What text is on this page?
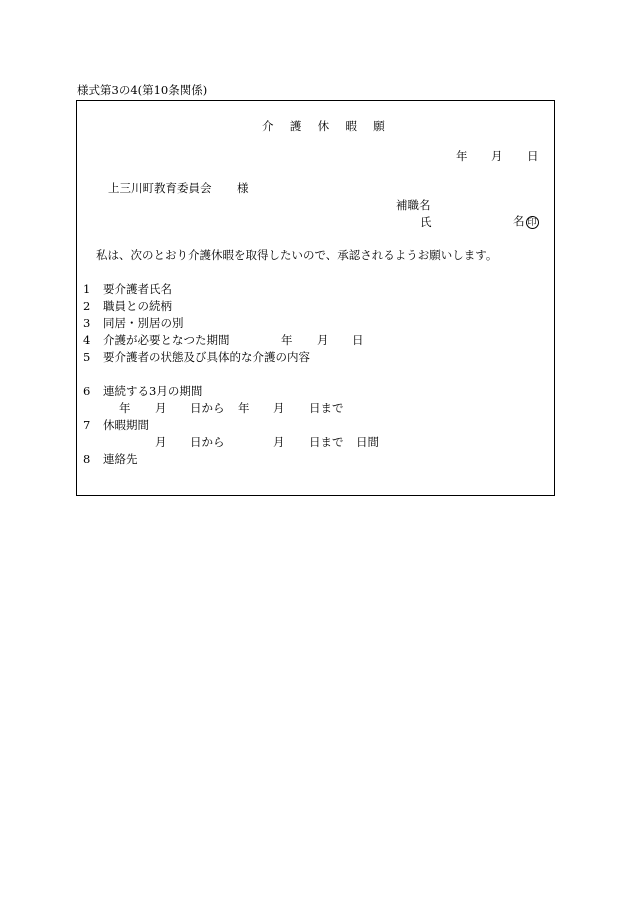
様式第3の4(第10条関係)
介 護 休 暇 願
年 月 日
上三川町教育委員会 様
補職名
氏	名 印
私は、次のとおり介護休暇を取得したいので、承認されるようお願いします。
1 要介護者氏名
2 職員との続柄
3 同居・別居の別
4 介護が必要となつた期間	年 月 日
5 要介護者の状態及び具体的な介護の内容
6 連続する3月の期間
年 月 日から 年 月 日まで
7 休暇期間
月 日から	月 日まで 日間
8 連絡先
